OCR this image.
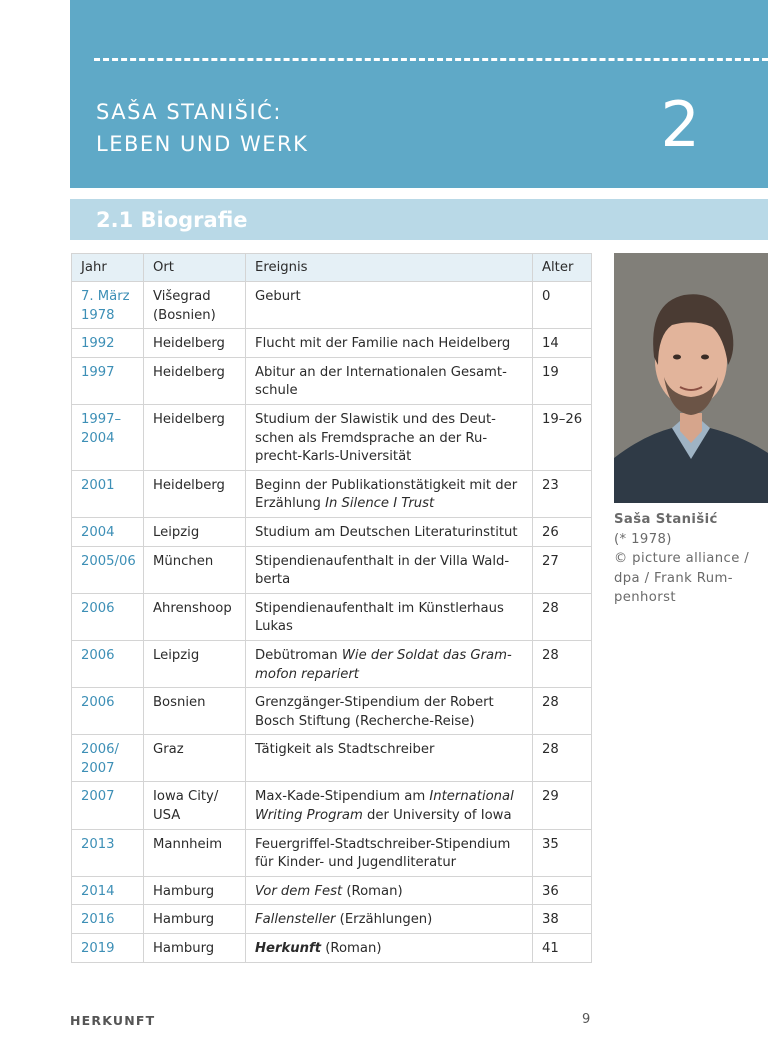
SAŠA STANIŠIĆ:
LEBEN UND WERK	2
2.1 Biografie
Jahr	Ort	Ereignis	Alter
7. März 1978	Višegrad (Bosnien)	Geburt	0
1992	Heidelberg	Flucht mit der Familie nach Heidelberg	14
1997	Heidelberg	Abitur an der Internationalen Gesamtschule	19
1997–2004	Heidelberg	Studium der Slawistik und des Deutschen als Fremdsprache an der Ruprecht-Karls-Universität	19–26
2001	Heidelberg	Beginn der Publikationstätigkeit mit der Erzählung In Silence I Trust	23
2004	Leipzig	Studium am Deutschen Literaturinstitut	26
2005/06	München	Stipendienaufenthalt in der Villa Waldberta	27
2006	Ahrenshoop	Stipendienaufenthalt im Künstlerhaus Lukas	28
2006	Leipzig	Debütroman Wie der Soldat das Grammofon repariert	28
2006	Bosnien	Grenzgänger-Stipendium der Robert Bosch Stiftung (Recherche-Reise)	28
2006/ 2007	Graz	Tätigkeit als Stadtschreiber	28
2007	Iowa City/ USA	Max-Kade-Stipendium am International Writing Program der University of Iowa	29
2013	Mannheim	Feuergriffel-Stadtschreiber-Stipendium für Kinder- und Jugendliteratur	35
2014	Hamburg	Vor dem Fest (Roman)	36
2016	Hamburg	Fallensteller (Erzählungen)	38
2019	Hamburg	Herkunft (Roman)	41
Saša Stanišić
(* 1978)
© picture alliance / dpa / Frank Rumpenhorst
HERKUNFT	9
